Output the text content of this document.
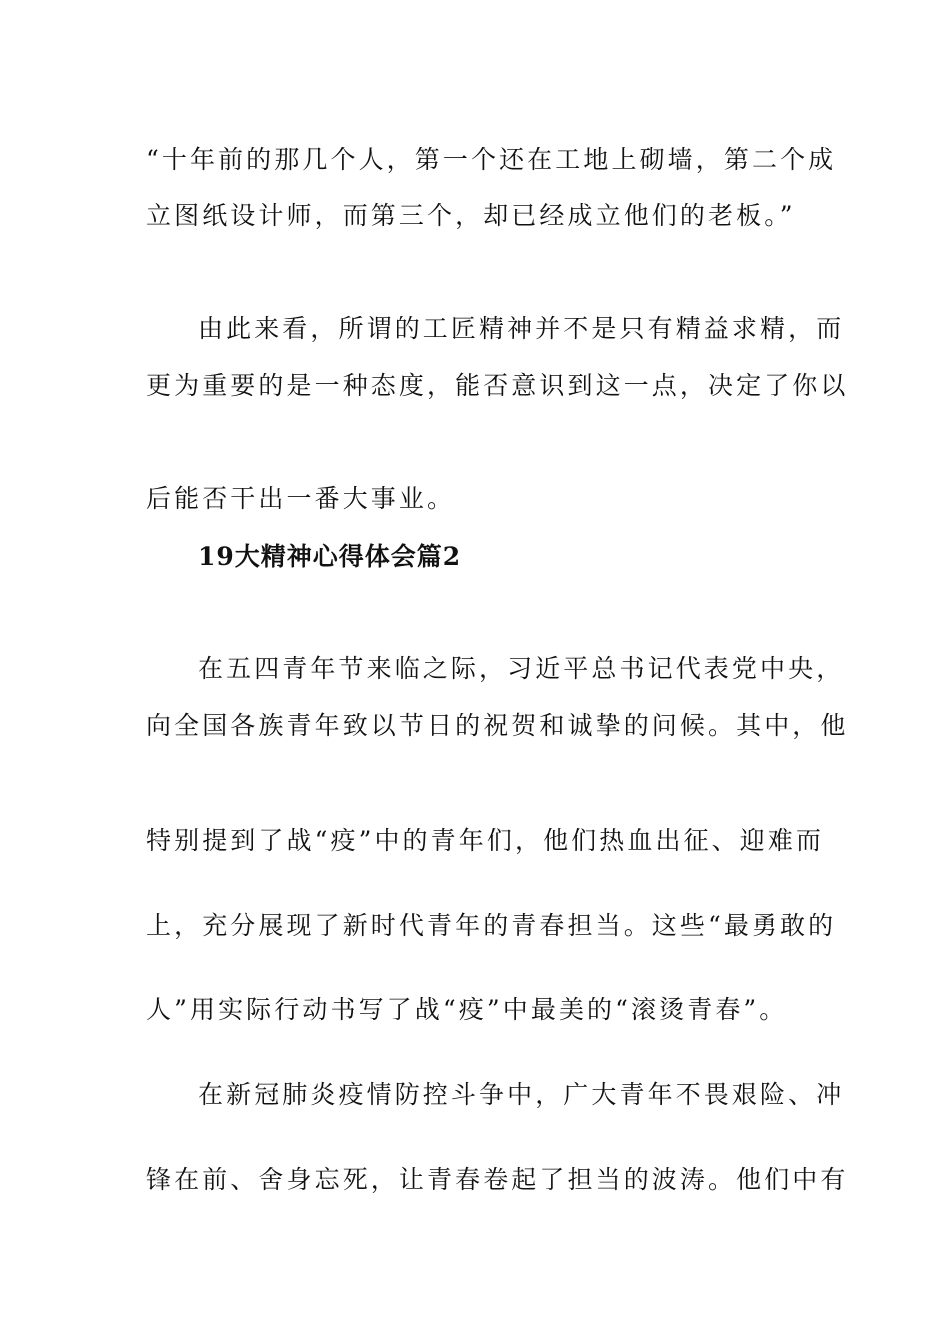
“十年前的那几个人，第一个还在工地上砌墙，第二个成
立图纸设计师，而第三个，却已经成立他们的老板。”
由此来看，所谓的工匠精神并不是只有精益求精，而
更为重要的是一种态度，能否意识到这一点，决定了你以
后能否干出一番大事业。
19大精神心得体会篇2
在五四青年节来临之际，习近平总书记代表党中央，
向全国各族青年致以节日的祝贺和诚挚的问候。其中，他
特别提到了战“疫”中的青年们，他们热血出征、迎难而
上，充分展现了新时代青年的青春担当。这些“最勇敢的
人”用实际行动书写了战“疫”中最美的“滚烫青春”。
在新冠肺炎疫情防控斗争中，广大青年不畏艰险、冲
锋在前、舍身忘死，让青春卷起了担当的波涛。他们中有
